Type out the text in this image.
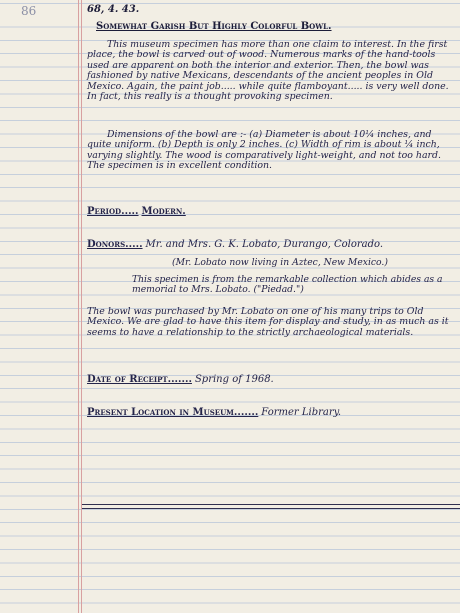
86	68, 4. 43.
Somewhat Garish But Highly Colorful Bowl.
This museum specimen has more than one claim to interest. In the first place, the bowl is carved out of wood. Numerous marks of the hand-tools used are apparent on both the interior and exterior. Then, the bowl was fashioned by native Mexicans, descendants of the ancient peoples in Old Mexico. Again, the paint job..... while quite flamboyant..... is very well done. In fact, this really is a thought provoking specimen.
Dimensions of the bowl are :- (a) Diameter is about 10¼ inches, and quite uniform. (b) Depth is only 2 inches. (c) Width of rim is about ¼ inch, varying slightly. The wood is comparatively light-weight, and not too hard. The specimen is in excellent condition.
Period..... Modern.
Donors..... Mr. and Mrs. G. K. Lobato, Durango, Colorado.
(Mr. Lobato now living in Aztec, New Mexico.)
This specimen is from the remarkable collection which abides as a memorial to Mrs. Lobato. ("Piedad.")
The bowl was purchased by Mr. Lobato on one of his many trips to Old Mexico. We are glad to have this item for display and study, in as much as it seems to have a relationship to the strictly archaeological materials.
Date of Receipt....... Spring of 1968.
Present Location in Museum....... Former Library.
